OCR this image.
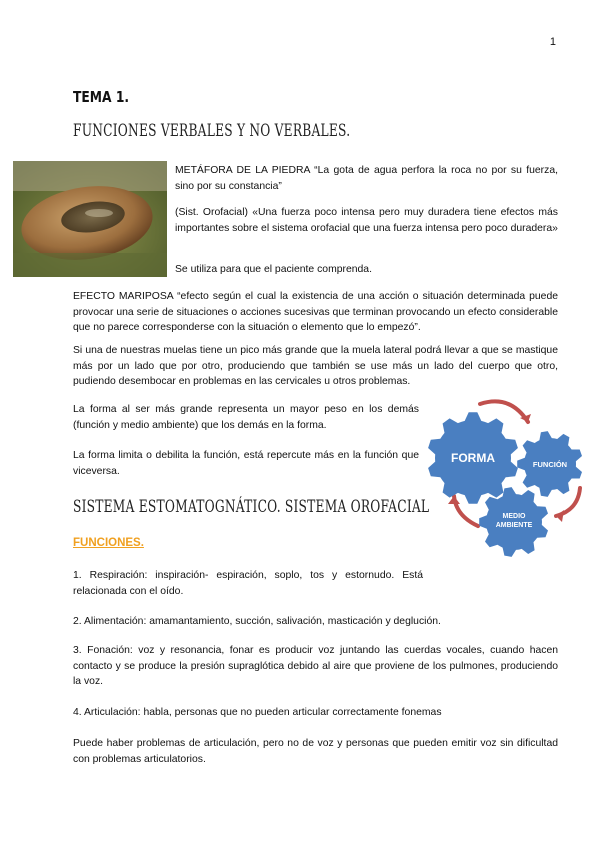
1
TEMA 1.
FUNCIONES VERBALES Y NO VERBALES.
METÁFORA DE LA PIEDRA “La gota de agua perfora la roca no por su fuerza, sino por su constancia”
(Sist. Orofacial) «Una fuerza poco intensa pero muy duradera tiene efectos más importantes sobre el sistema orofacial que una fuerza intensa pero poco duradera»
Se utiliza para que el paciente comprenda.
EFECTO MARIPOSA “efecto según el cual la existencia de una acción o situación determinada puede provocar una serie de situaciones o acciones sucesivas que terminan provocando un efecto considerable que no parece corresponderse con la situación o elemento que lo empezó”.
Si una de nuestras muelas tiene un pico más grande que la muela lateral podrá llevar a que se mastique más por un lado que por otro, produciendo que también se use más un lado del cuerpo que otro, pudiendo desembocar en problemas en las cervicales u otros problemas.
La forma al ser más grande representa un mayor peso en los demás (función y medio ambiente) que los demás en la forma.
La forma limita o debilita la función, está repercute más en la función que viceversa.
FORMA	FUNCIÓN
MEDIO
AMBIENTE
SISTEMA ESTOMATOGNÁTICO. SISTEMA OROFACIAL
FUNCIONES.
1. Respiración: inspiración- espiración, soplo, tos y estornudo. Está relacionada con el oído.
2. Alimentación: amamantamiento, succión, salivación, masticación y deglución.
3. Fonación: voz y resonancia, fonar es producir voz juntando las cuerdas vocales, cuando hacen contacto y se produce la presión supraglótica debido al aire que proviene de los pulmones, produciendo la voz.
4. Articulación: habla, personas que no pueden articular correctamente fonemas
Puede haber problemas de articulación, pero no de voz y personas que pueden emitir voz sin dificultad con problemas articulatorios.
